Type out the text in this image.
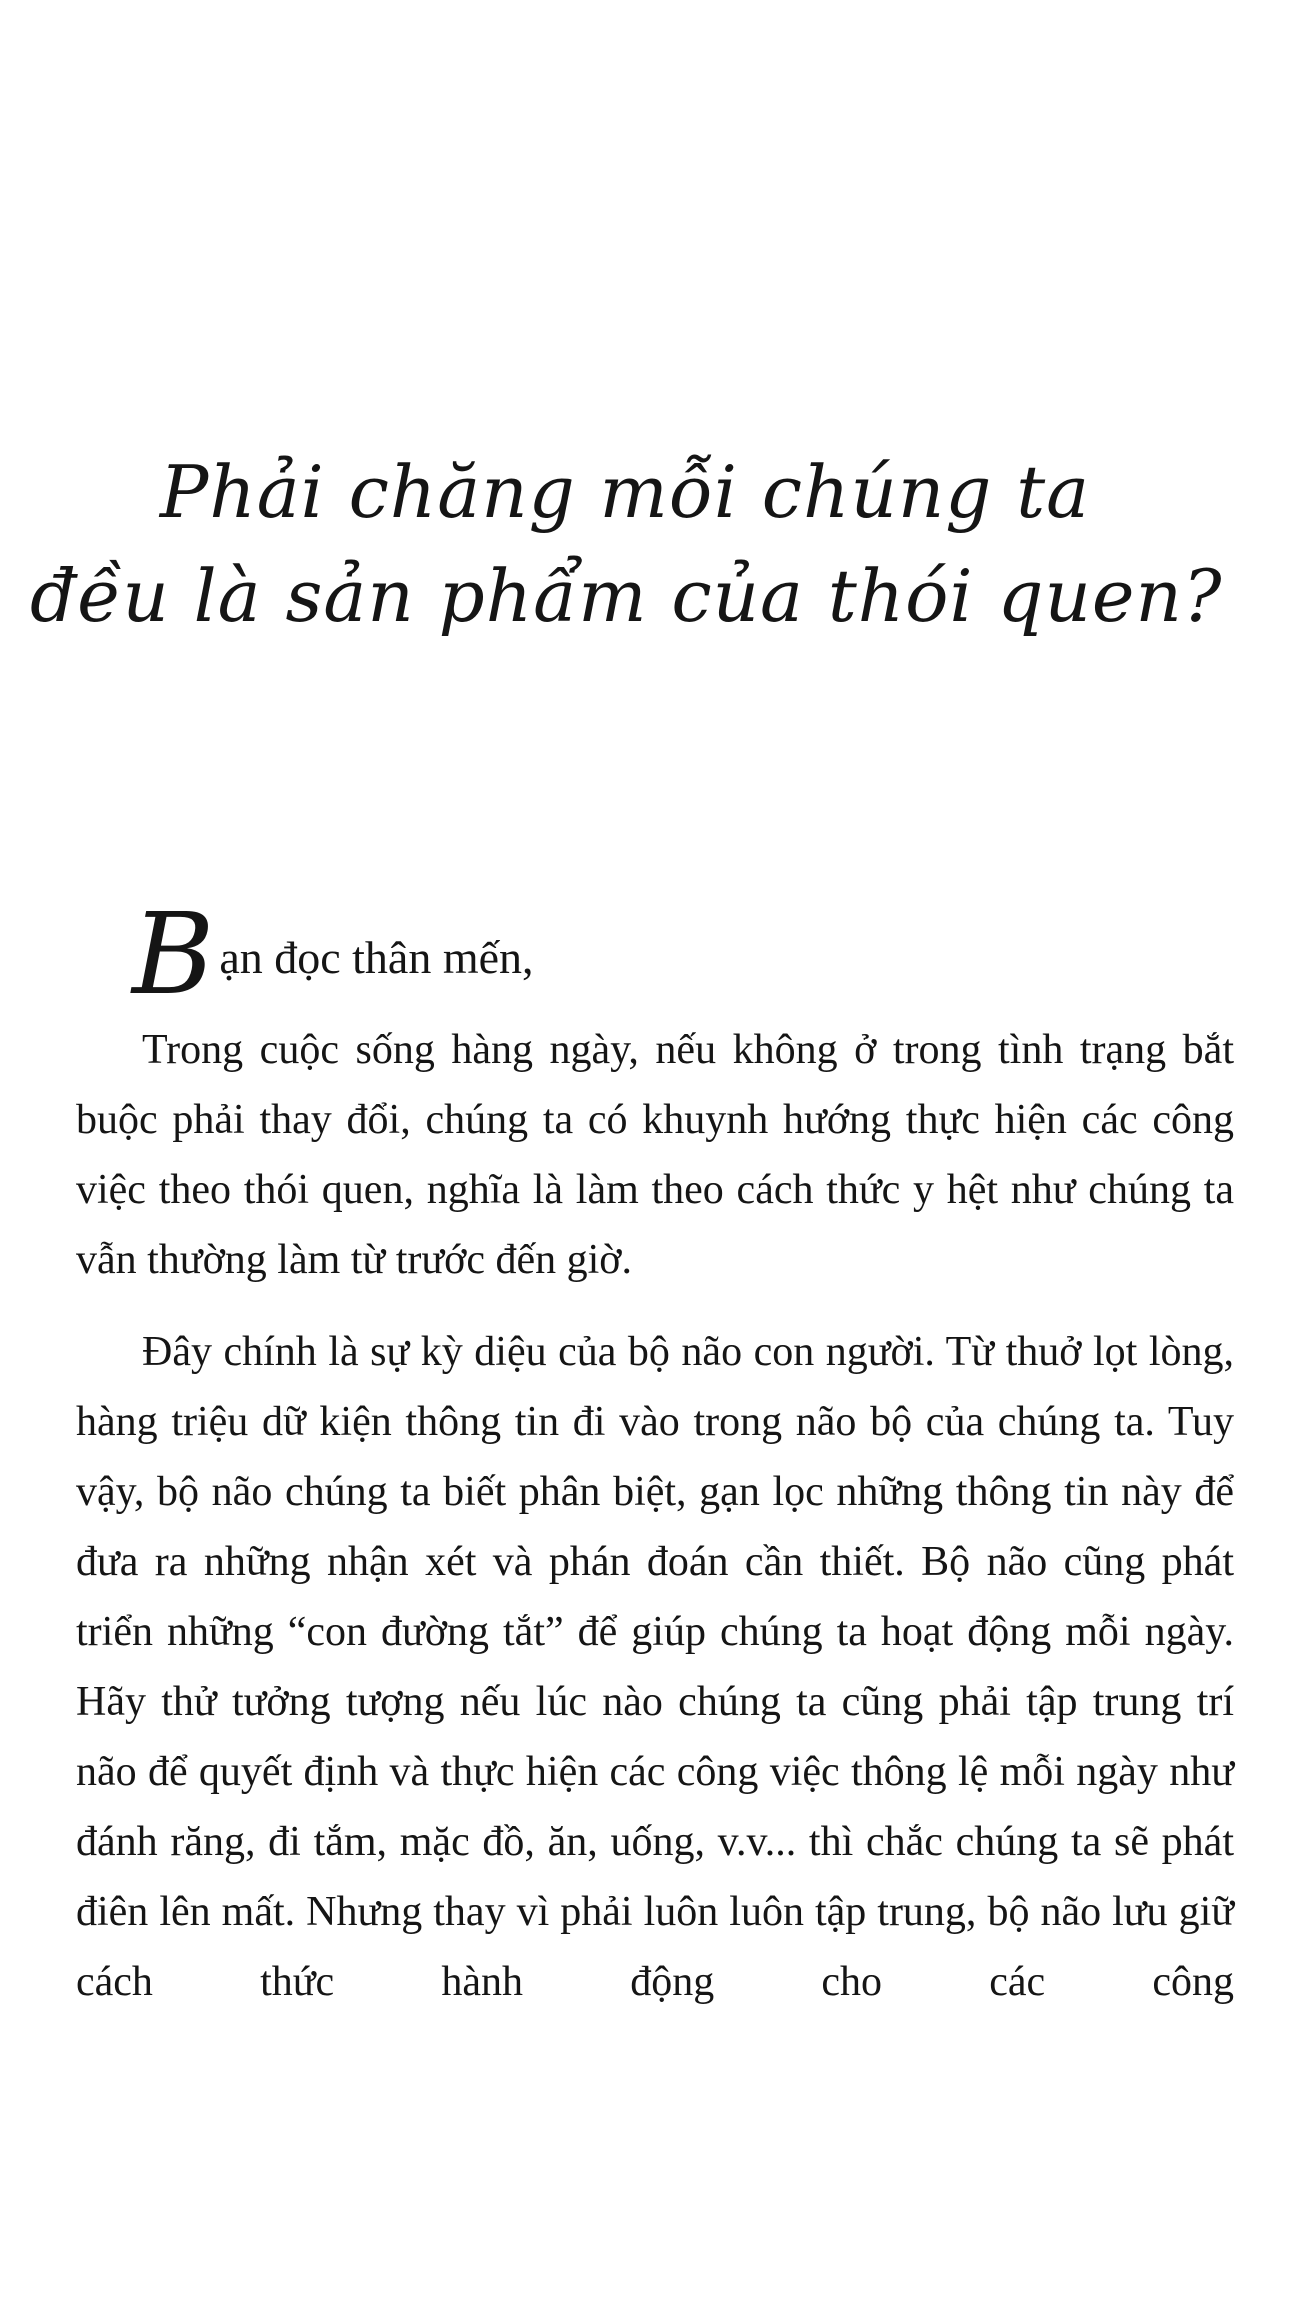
Phải chăng mỗi chúng ta
đều là sản phẩm của thói quen?

Bạn đọc thân mến,

Trong cuộc sống hàng ngày, nếu không ở trong tình trạng bắt buộc phải thay đổi, chúng ta có khuynh hướng thực hiện các công việc theo thói quen, nghĩa là làm theo cách thức y hệt như chúng ta vẫn thường làm từ trước đến giờ.

Đây chính là sự kỳ diệu của bộ não con người. Từ thuở lọt lòng, hàng triệu dữ kiện thông tin đi vào trong não bộ của chúng ta. Tuy vậy, bộ não chúng ta biết phân biệt, gạn lọc những thông tin này để đưa ra những nhận xét và phán đoán cần thiết. Bộ não cũng phát triển những “con đường tắt” để giúp chúng ta hoạt động mỗi ngày. Hãy thử tưởng tượng nếu lúc nào chúng ta cũng phải tập trung trí não để quyết định và thực hiện các công việc thông lệ mỗi ngày như đánh răng, đi tắm, mặc đồ, ăn, uống, v.v... thì chắc chúng ta sẽ phát điên lên mất. Nhưng thay vì phải luôn luôn tập trung, bộ não lưu giữ cách thức hành động cho các công
